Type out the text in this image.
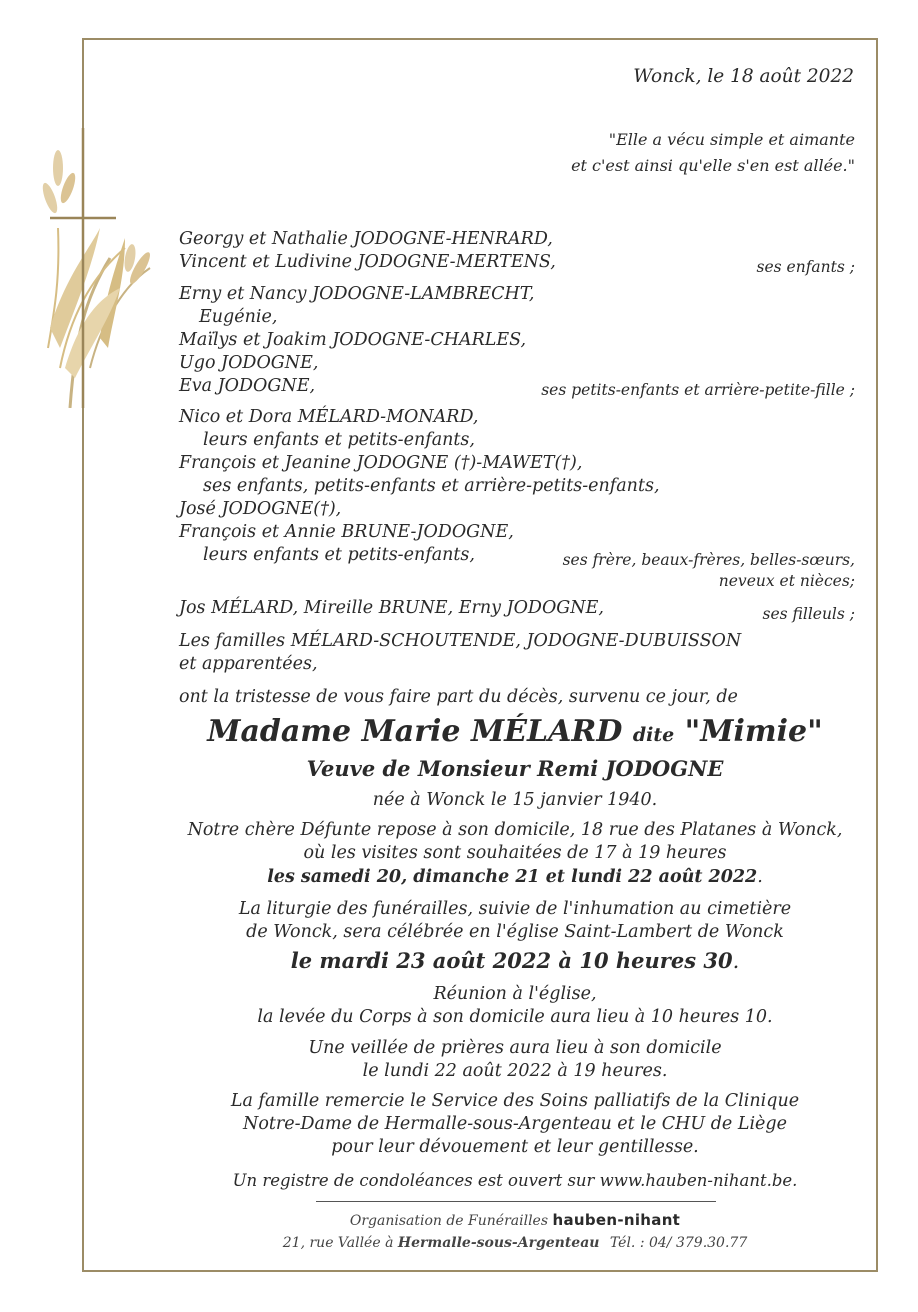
Wonck, le 18 août 2022
"Elle a vécu simple et aimante
et c'est ainsi qu'elle s'en est allée."
Georgy et Nathalie JODOGNE-HENRARD,
Vincent et Ludivine JODOGNE-MERTENS,	ses enfants ;
Erny et Nancy JODOGNE-LAMBRECHT,
Eugénie,
Maïlys et Joakim JODOGNE-CHARLES,
Ugo JODOGNE,
Eva JODOGNE,	ses petits-enfants et arrière-petite-fille ;
Nico et Dora MÉLARD-MONARD,
leurs enfants et petits-enfants,
François et Jeanine JODOGNE (†)-MAWET(†),
ses enfants, petits-enfants et arrière-petits-enfants,
José JODOGNE(†),
François et Annie BRUNE-JODOGNE,
leurs enfants et petits-enfants,	ses frère, beaux-frères, belles-sœurs,
neveux et nièces;
Jos MÉLARD, Mireille BRUNE, Erny JODOGNE,	ses filleuls ;
Les familles MÉLARD-SCHOUTENDE, JODOGNE-DUBUISSON
et apparentées,
ont la tristesse de vous faire part du décès, survenu ce jour, de
Madame Marie MÉLARD dite "Mimie"
Veuve de Monsieur Remi JODOGNE
née à Wonck le 15 janvier 1940.
Notre chère Défunte repose à son domicile, 18 rue des Platanes à Wonck,
où les visites sont souhaitées de 17 à 19 heures
les samedi 20, dimanche 21 et lundi 22 août 2022.
La liturgie des funérailles, suivie de l'inhumation au cimetière
de Wonck, sera célébrée en l'église Saint-Lambert de Wonck
le mardi 23 août 2022 à 10 heures 30.
Réunion à l'église,
la levée du Corps à son domicile aura lieu à 10 heures 10.
Une veillée de prières aura lieu à son domicile
le lundi 22 août 2022 à 19 heures.
La famille remercie le Service des Soins palliatifs de la Clinique
Notre-Dame de Hermalle-sous-Argenteau et le CHU de Liège
pour leur dévouement et leur gentillesse.
Un registre de condoléances est ouvert sur www.hauben-nihant.be.
Organisation de Funérailles hauben-nihant
21, rue Vallée à Hermalle-sous-Argenteau Tél. : 04/ 379.30.77
